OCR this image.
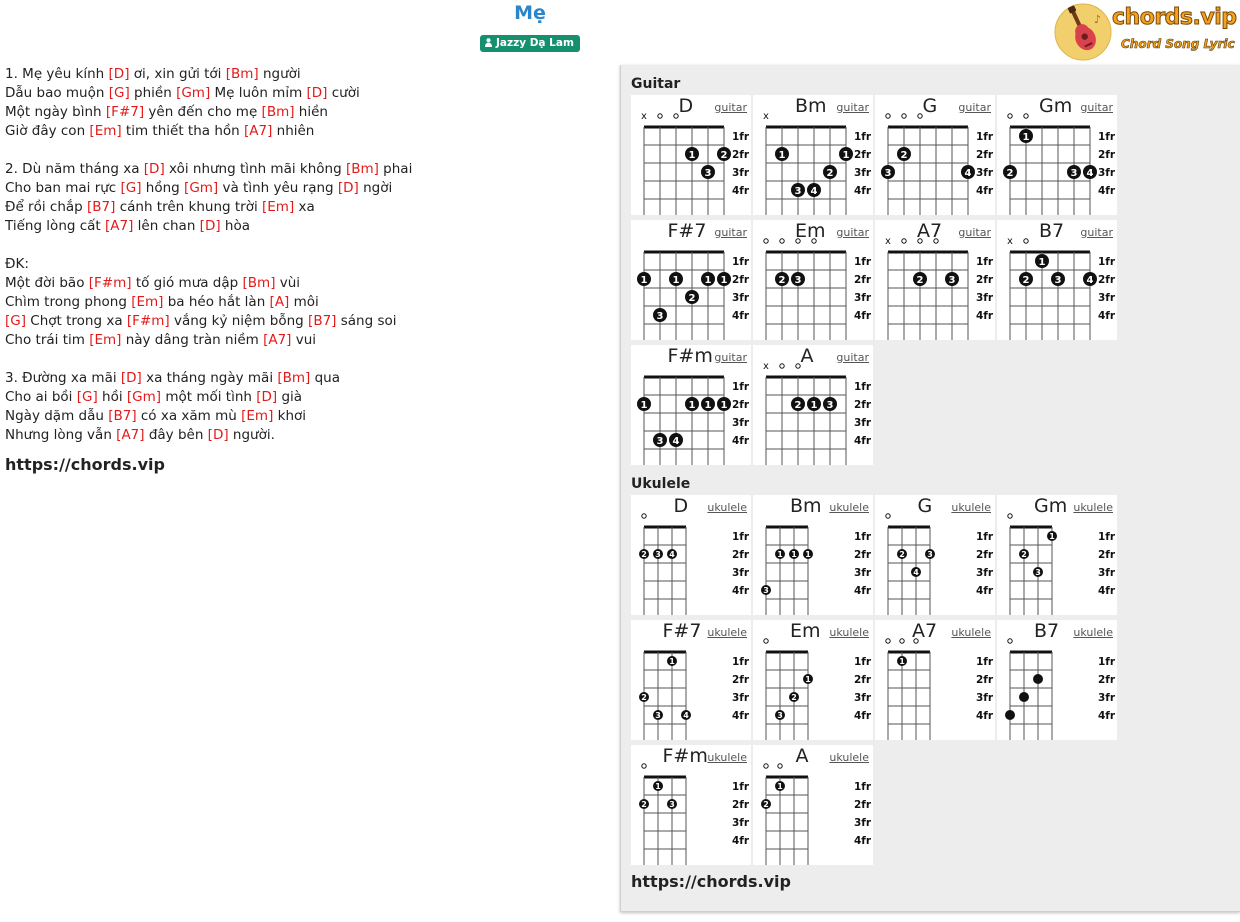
Mẹ
Jazzy Dạ Lam
♪ chords.vip
Chord Song Lyric
1. Mẹ yêu kính [D] ơi, xin gửi tới [Bm] người
Dẫu bao muộn [G] phiền [Gm] Mẹ luôn mỉm [D] cười
Một ngày bình [F#7] yên đến cho mẹ [Bm] hiền
Giờ đây con [Em] tim thiết tha hồn [A7] nhiên
2. Dù năm tháng xa [D] xôi nhưng tình mãi không [Bm] phai
Cho ban mai rực [G] hồng [Gm] và tình yêu rạng [D] ngời
Để rồi chắp [B7] cánh trên khung trời [Em] xa
Tiếng lòng cất [A7] lên chan [D] hòa
ĐK:
Một đời bão [F#m] tố gió mưa dập [Bm] vùi
Chìm trong phong [Em] ba héo hắt làn [A] môi
[G] Chợt trong xa [F#m] vắng kỷ niệm bỗng [B7] sáng soi
Cho trái tim [Em] này dâng tràn niềm [A7] vui
3. Đường xa mãi [D] xa tháng ngày mãi [Bm] qua
Cho ai bồi [G] hồi [Gm] một mối tình [D] già
Ngày dặm dẫu [B7] có xa xăm mù [Em] khơi
Nhưng lòng vẫn [A7] đây bên [D] người.
https://chords.vip
Guitar
1fr
2fr
3fr
4fr
x
1	2
3
D guitar
1fr
2fr
3fr
4fr
x
1	1
2
3 4
Bm guitar
1fr
2fr
3fr
4fr
2
3	4
G guitar
1fr
2fr
3fr
4fr
1
2	3 4
Gm guitar
1fr
2fr
3fr
4fr
1	1	1 1
2
3
F#7 guitar
1fr
2fr
3fr
4fr
2 3
Em guitar
1fr
2fr
3fr
4fr
x
2	3
A7 guitar
1fr
2fr
3fr
4fr
x
1
2	3	4
B7 guitar
1fr
2fr
3fr
4fr
1	1 1 1
3 4
F#m guitar
1fr
2fr
3fr
4fr
x
2 1 3
A guitar
Ukulele
1fr
2fr
3fr
4fr
2 3 4
D ukulele
1fr
2fr
3fr
4fr
1 1 1
3
Bm ukulele
1fr
2fr
3fr
4fr
2	3
4
G ukulele
1fr
2fr
3fr
4fr
1
2
3
Gm ukulele
1fr
2fr
3fr
4fr
1
2
3	4
F#7 ukulele
1fr
2fr
3fr
4fr
1
2
3
Em ukulele
1fr
2fr
3fr
4fr
1
A7 ukulele
1fr
2fr
3fr
4fr
B7 ukulele
1fr
2fr
3fr
4fr
1
2	3
F#m ukulele
1fr
2fr
3fr
4fr
1
2
A ukulele
https://chords.vip
